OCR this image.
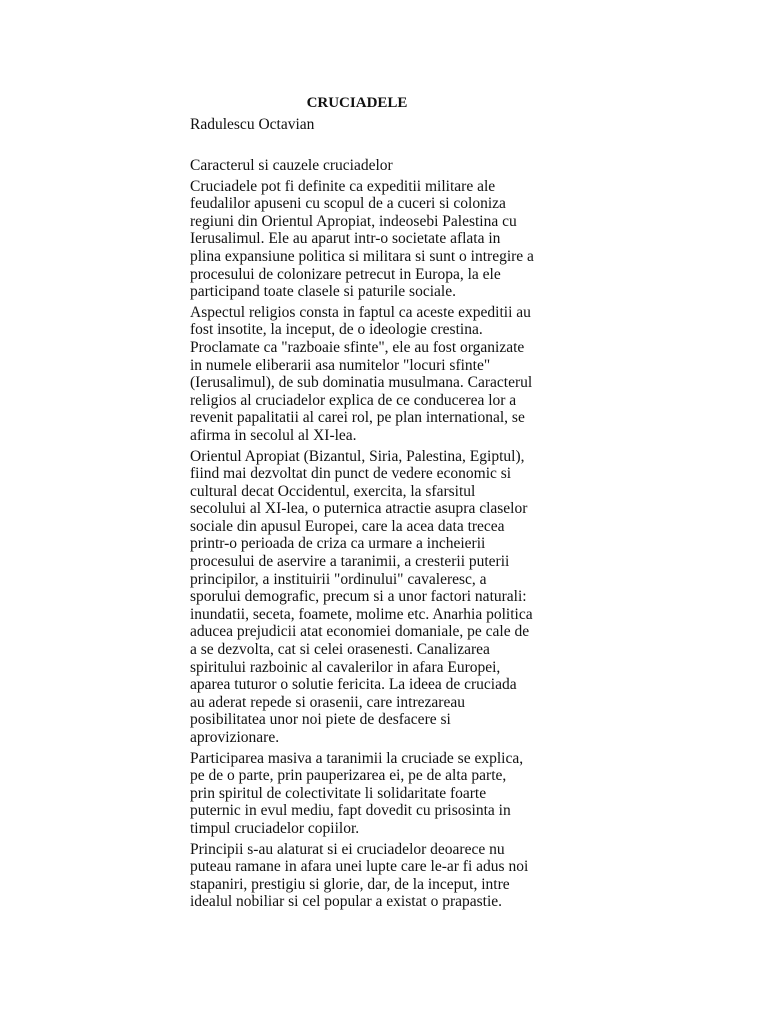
CRUCIADELE
Radulescu Octavian
Caracterul si cauzele cruciadelor
Cruciadele pot fi definite ca expeditii militare ale
feudalilor apuseni cu scopul de a cuceri si coloniza
regiuni din Orientul Apropiat, indeosebi Palestina cu
Ierusalimul. Ele au aparut intr-o societate aflata in
plina expansiune politica si militara si sunt o intregire a
procesului de colonizare petrecut in Europa, la ele
participand toate clasele si paturile sociale.
Aspectul religios consta in faptul ca aceste expeditii au
fost insotite, la inceput, de o ideologie crestina.
Proclamate ca "razboaie sfinte", ele au fost organizate
in numele eliberarii asa numitelor "locuri sfinte"
(Ierusalimul), de sub dominatia musulmana. Caracterul
religios al cruciadelor explica de ce conducerea lor a
revenit papalitatii al carei rol, pe plan international, se
afirma in secolul al XI-lea.
Orientul Apropiat (Bizantul, Siria, Palestina, Egiptul),
fiind mai dezvoltat din punct de vedere economic si
cultural decat Occidentul, exercita, la sfarsitul
secolului al XI-lea, o puternica atractie asupra claselor
sociale din apusul Europei, care la acea data trecea
printr-o perioada de criza ca urmare a incheierii
procesului de aservire a taranimii, a cresterii puterii
principilor, a instituirii "ordinului" cavaleresc, a
sporului demografic, precum si a unor factori naturali:
inundatii, seceta, foamete, molime etc. Anarhia politica
aducea prejudicii atat economiei domaniale, pe cale de
a se dezvolta, cat si celei orasenesti. Canalizarea
spiritului razboinic al cavalerilor in afara Europei,
aparea tuturor o solutie fericita. La ideea de cruciada
au aderat repede si orasenii, care intrezareau
posibilitatea unor noi piete de desfacere si
aprovizionare.
Participarea masiva a taranimii la cruciade se explica,
pe de o parte, prin pauperizarea ei, pe de alta parte,
prin spiritul de colectivitate li solidaritate foarte
puternic in evul mediu, fapt dovedit cu prisosinta in
timpul cruciadelor copiilor.
Principii s-au alaturat si ei cruciadelor deoarece nu
puteau ramane in afara unei lupte care le-ar fi adus noi
stapaniri, prestigiu si glorie, dar, de la inceput, intre
idealul nobiliar si cel popular a existat o prapastie.
